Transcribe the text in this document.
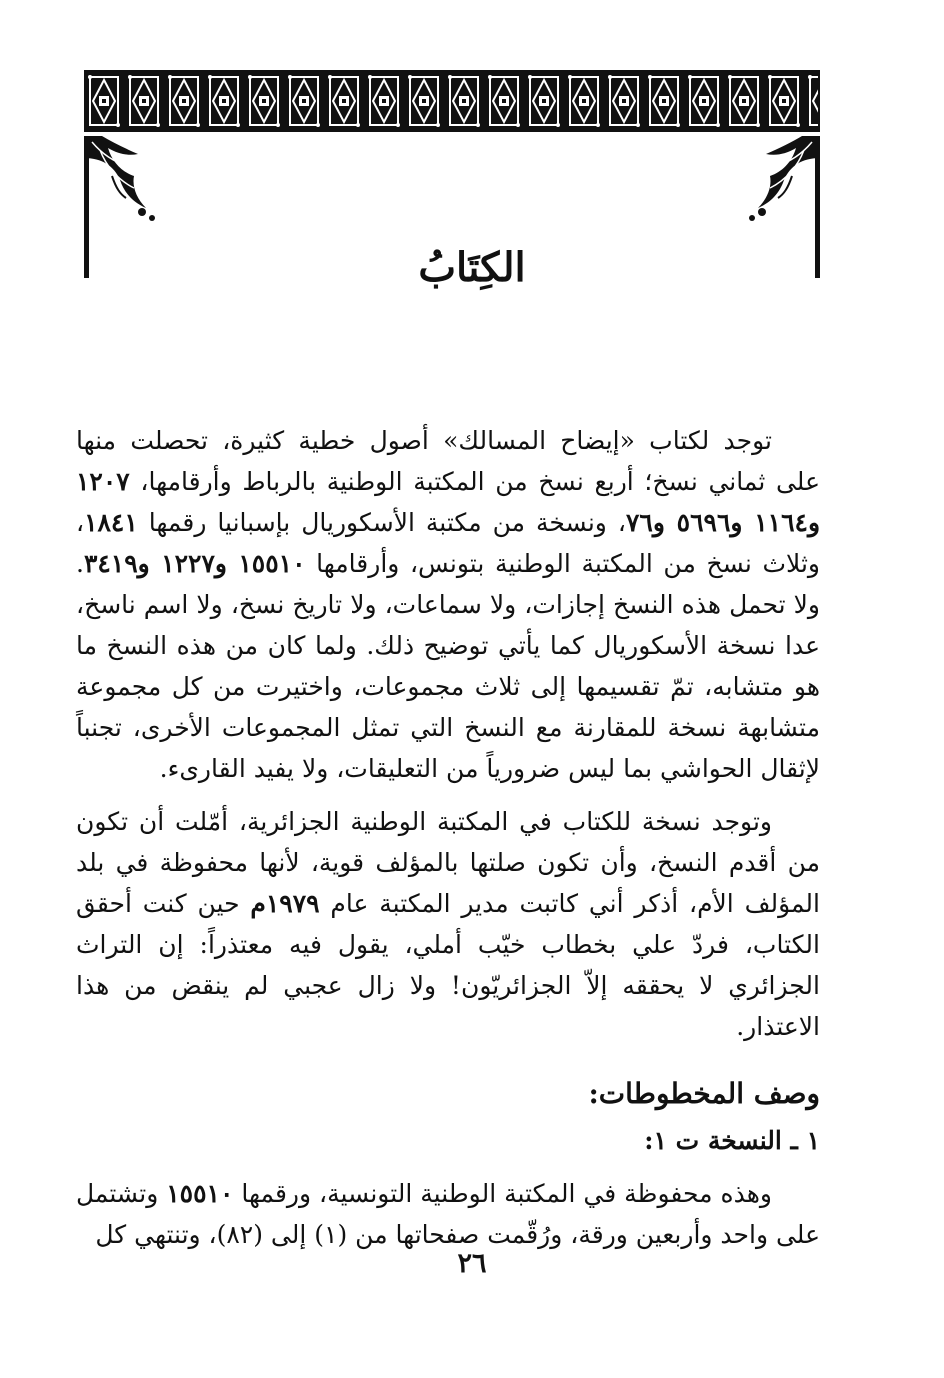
الكِتَابُ

توجد لكتاب «إيضاح المسالك» أصول خطية كثيرة، تحصلت منها على ثماني نسخ؛ أربع نسخ من المكتبة الوطنية بالرباط وأرقامها، ١٢٠٧ و١١٦٤ و٥٦٩٦ و٧٦، ونسخة من مكتبة الأسكوريال بإسبانيا رقمها ١٨٤١، وثلاث نسخ من المكتبة الوطنية بتونس، وأرقامها ١٥٥١٠ و١٢٢٧ و٣٤١٩. ولا تحمل هذه النسخ إجازات، ولا سماعات، ولا تاريخ نسخ، ولا اسم ناسخ، عدا نسخة الأسكوريال كما يأتي توضيح ذلك. ولما كان من هذه النسخ ما هو متشابه، تمّ تقسيمها إلى ثلاث مجموعات، واختيرت من كل مجموعة متشابهة نسخة للمقارنة مع النسخ التي تمثل المجموعات الأخرى، تجنباً لإثقال الحواشي بما ليس ضرورياً من التعليقات، ولا يفيد القارىء.

وتوجد نسخة للكتاب في المكتبة الوطنية الجزائرية، أمّلت أن تكون من أقدم النسخ، وأن تكون صلتها بالمؤلف قوية، لأنها محفوظة في بلد المؤلف الأم، أذكر أني كاتبت مدير المكتبة عام ١٩٧٩م حين كنت أحقق الكتاب، فردّ علي بخطاب خيّب أملي، يقول فيه معتذراً: إن التراث الجزائري لا يحققه إلاّ الجزائريّون! ولا زال عجبي لم ينقض من هذا الاعتذار.

وصف المخطوطات:

١ ـ النسخة ت ١:

وهذه محفوظة في المكتبة الوطنية التونسية، ورقمها ١٥٥١٠ وتشتمل على واحد وأربعين ورقة، ورُقّمت صفحاتها من (١) إلى (٨٢)، وتنتهي كل

٢٦
